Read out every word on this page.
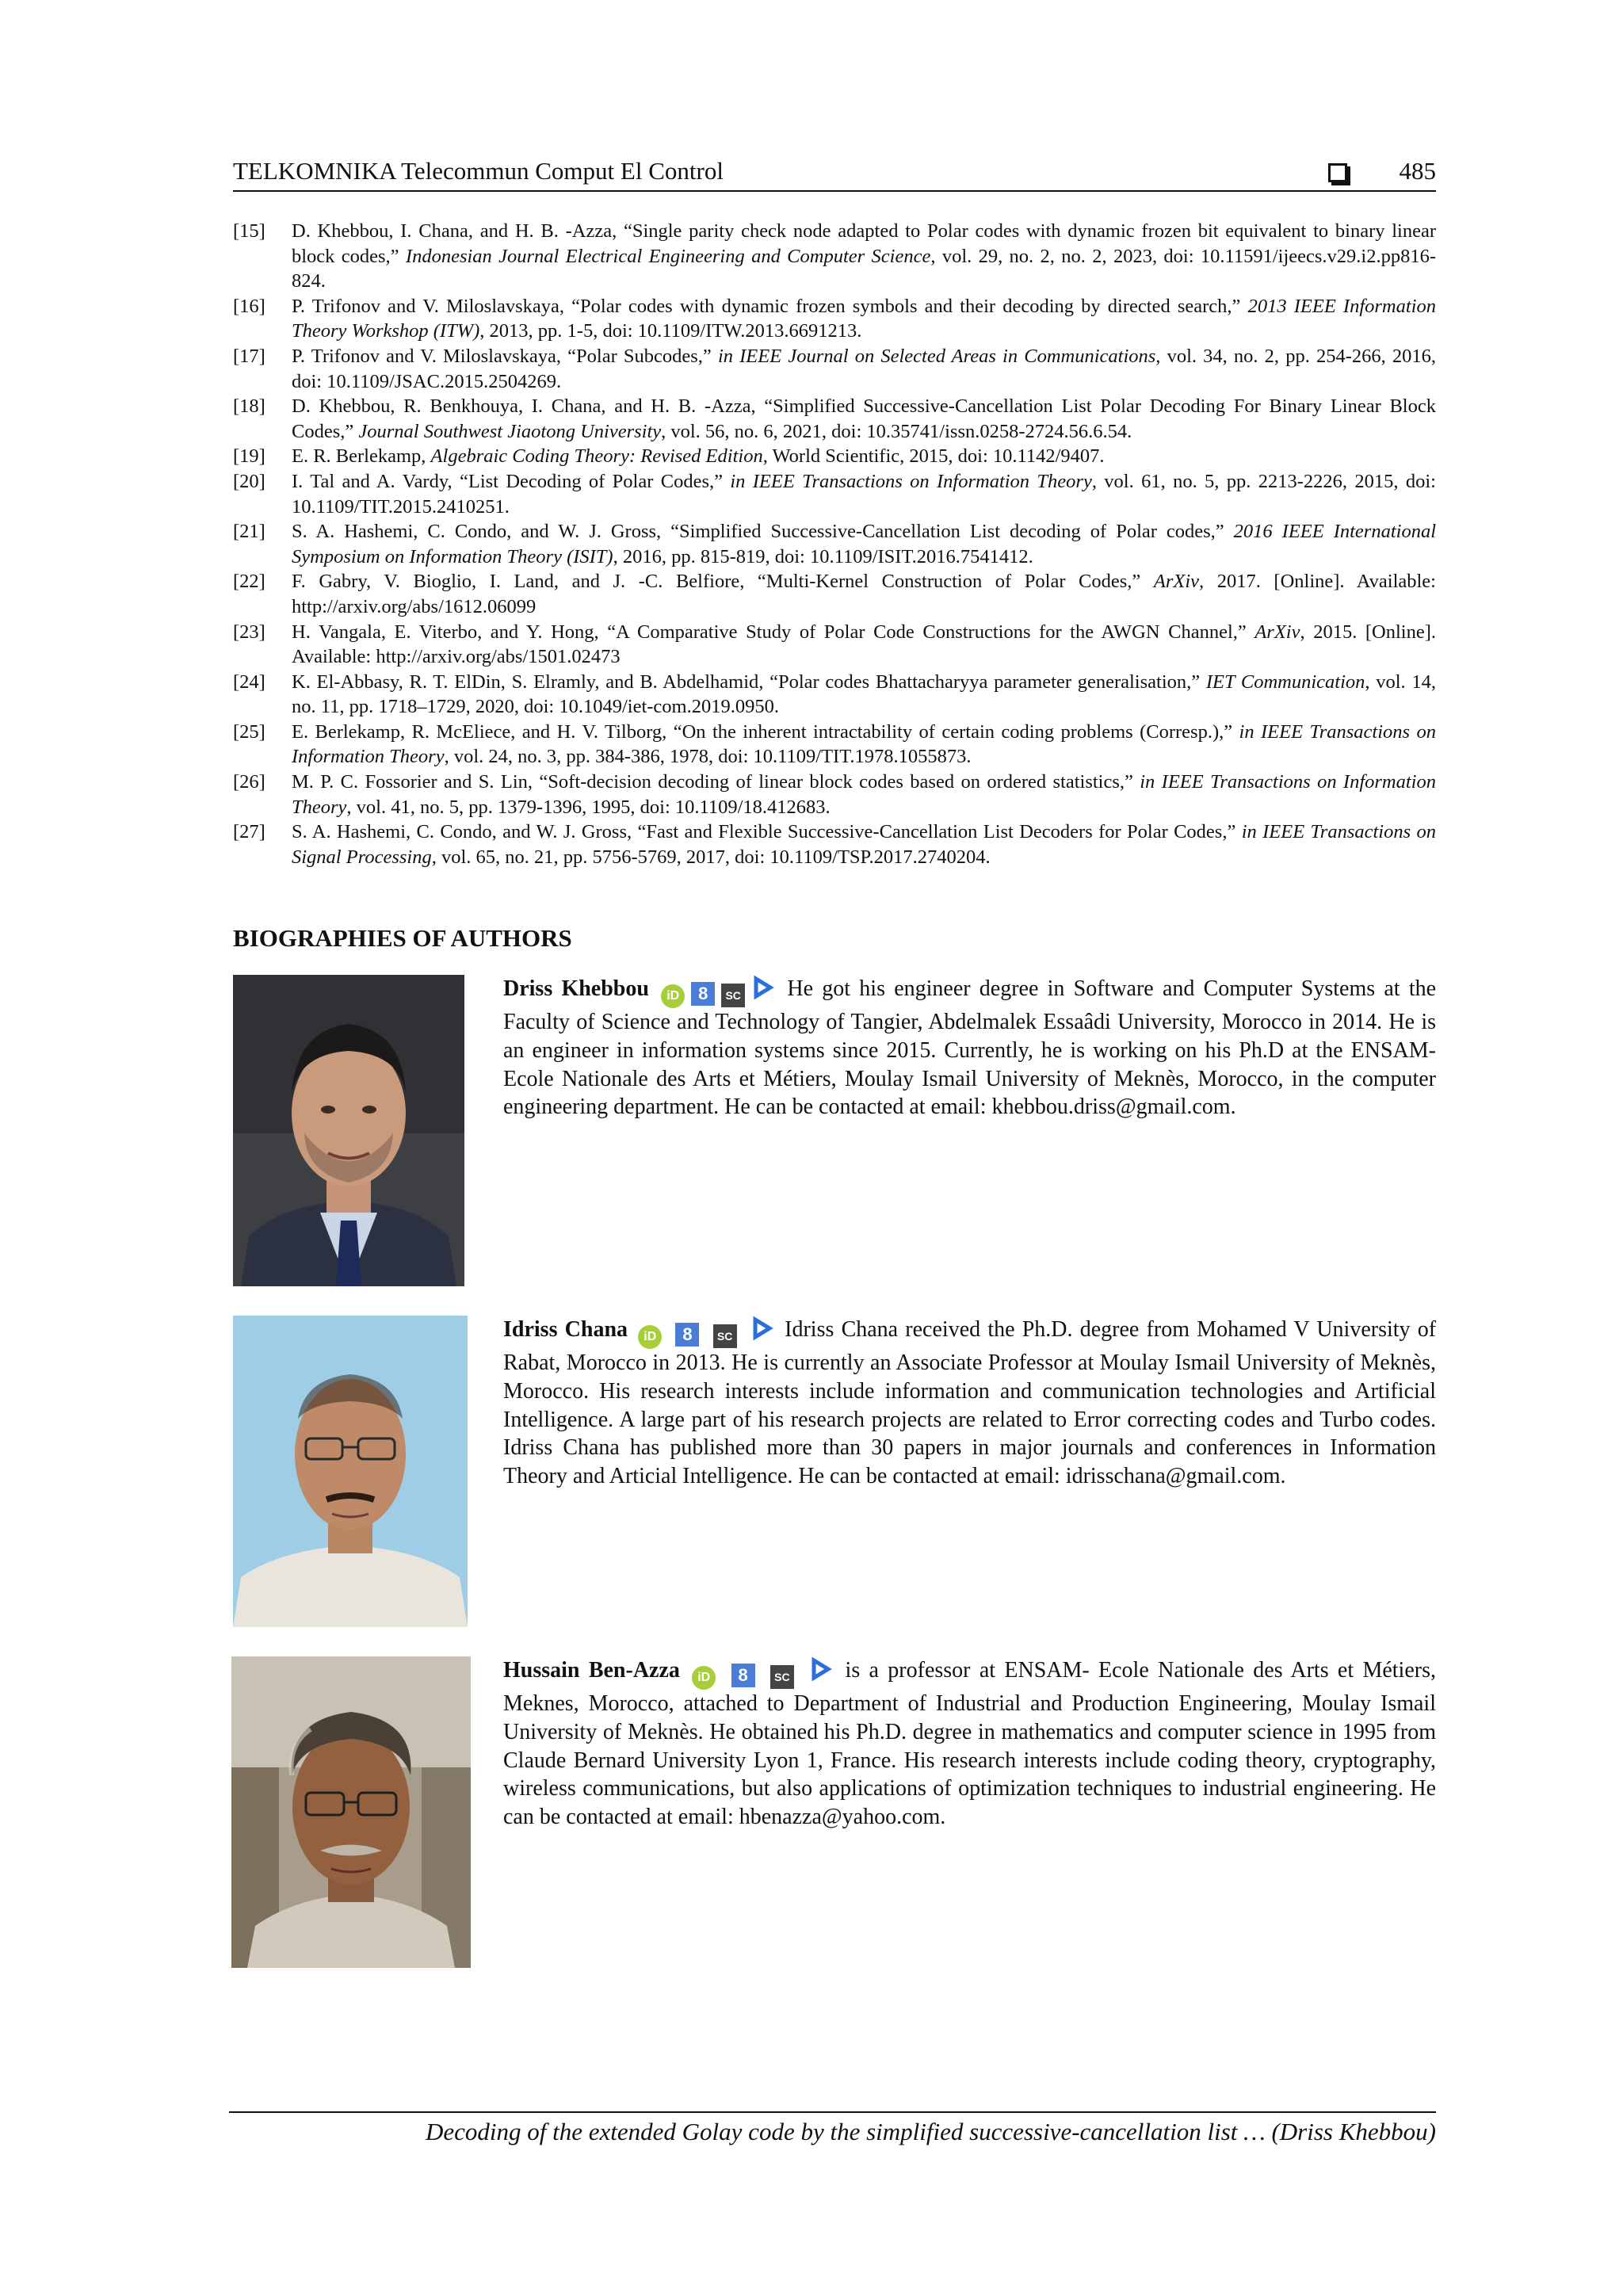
TELKOMNIKA Telecommun Comput El Control	485
[15] D. Khebbou, I. Chana, and H. B. -Azza, “Single parity check node adapted to Polar codes with dynamic frozen bit equivalent to binary linear block codes,” Indonesian Journal Electrical Engineering and Computer Science, vol. 29, no. 2, no. 2, 2023, doi: 10.11591/ijeecs.v29.i2.pp816-824.
[16] P. Trifonov and V. Miloslavskaya, “Polar codes with dynamic frozen symbols and their decoding by directed search,” 2013 IEEE Information Theory Workshop (ITW), 2013, pp. 1-5, doi: 10.1109/ITW.2013.6691213.
[17] P. Trifonov and V. Miloslavskaya, “Polar Subcodes,” in IEEE Journal on Selected Areas in Communications, vol. 34, no. 2, pp. 254-266, 2016, doi: 10.1109/JSAC.2015.2504269.
[18] D. Khebbou, R. Benkhouya, I. Chana, and H. B. -Azza, “Simplified Successive-Cancellation List Polar Decoding For Binary Linear Block Codes,” Journal Southwest Jiaotong University, vol. 56, no. 6, 2021, doi: 10.35741/issn.0258-2724.56.6.54.
[19] E. R. Berlekamp, Algebraic Coding Theory: Revised Edition, World Scientific, 2015, doi: 10.1142/9407.
[20] I. Tal and A. Vardy, “List Decoding of Polar Codes,” in IEEE Transactions on Information Theory, vol. 61, no. 5, pp. 2213-2226, 2015, doi: 10.1109/TIT.2015.2410251.
[21] S. A. Hashemi, C. Condo, and W. J. Gross, “Simplified Successive-Cancellation List decoding of Polar codes,” 2016 IEEE International Symposium on Information Theory (ISIT), 2016, pp. 815-819, doi: 10.1109/ISIT.2016.7541412.
[22] F. Gabry, V. Bioglio, I. Land, and J. -C. Belfiore, “Multi-Kernel Construction of Polar Codes,” ArXiv, 2017. [Online]. Available: http://arxiv.org/abs/1612.06099
[23] H. Vangala, E. Viterbo, and Y. Hong, “A Comparative Study of Polar Code Constructions for the AWGN Channel,” ArXiv, 2015. [Online]. Available: http://arxiv.org/abs/1501.02473
[24] K. El-Abbasy, R. T. ElDin, S. Elramly, and B. Abdelhamid, “Polar codes Bhattacharyya parameter generalisation,” IET Communication, vol. 14, no. 11, pp. 1718–1729, 2020, doi: 10.1049/iet-com.2019.0950.
[25] E. Berlekamp, R. McEliece, and H. V. Tilborg, “On the inherent intractability of certain coding problems (Corresp.),” in IEEE Transactions on Information Theory, vol. 24, no. 3, pp. 384-386, 1978, doi: 10.1109/TIT.1978.1055873.
[26] M. P. C. Fossorier and S. Lin, “Soft-decision decoding of linear block codes based on ordered statistics,” in IEEE Transactions on Information Theory, vol. 41, no. 5, pp. 1379-1396, 1995, doi: 10.1109/18.412683.
[27] S. A. Hashemi, C. Condo, and W. J. Gross, “Fast and Flexible Successive-Cancellation List Decoders for Polar Codes,” in IEEE Transactions on Signal Processing, vol. 65, no. 21, pp. 5756-5769, 2017, doi: 10.1109/TSP.2017.2740204.
BIOGRAPHIES OF AUTHORS
Driss Khebbou iD 8 SC He got his engineer degree in Software and Computer Systems at the Faculty of Science and Technology of Tangier, Abdelmalek Essaâdi University, Morocco in 2014. He is an engineer in information systems since 2015. Currently, he is working on his Ph.D at the ENSAM- Ecole Nationale des Arts et Métiers, Moulay Ismail University of Meknès, Morocco, in the computer engineering department. He can be contacted at email: khebbou.driss@gmail.com.
Idriss Chana iD 8 SC Idriss Chana received the Ph.D. degree from Mohamed V University of Rabat, Morocco in 2013. He is currently an Associate Professor at Moulay Ismail University of Meknès, Morocco. His research interests include information and communication technologies and Artificial Intelligence. A large part of his research projects are related to Error correcting codes and Turbo codes. Idriss Chana has published more than 30 papers in major journals and conferences in Information Theory and Articial Intelligence. He can be contacted at email: idrisschana@gmail.com.
Hussain Ben-Azza iD 8 SC is a professor at ENSAM- Ecole Nationale des Arts et Métiers, Meknes, Morocco, attached to Department of Industrial and Production Engineering, Moulay Ismail University of Meknès. He obtained his Ph.D. degree in mathematics and computer science in 1995 from Claude Bernard University Lyon 1, France. His research interests include coding theory, cryptography, wireless communications, but also applications of optimization techniques to industrial engineering. He can be contacted at email: hbenazza@yahoo.com.
Decoding of the extended Golay code by the simplified successive-cancellation list … (Driss Khebbou)
